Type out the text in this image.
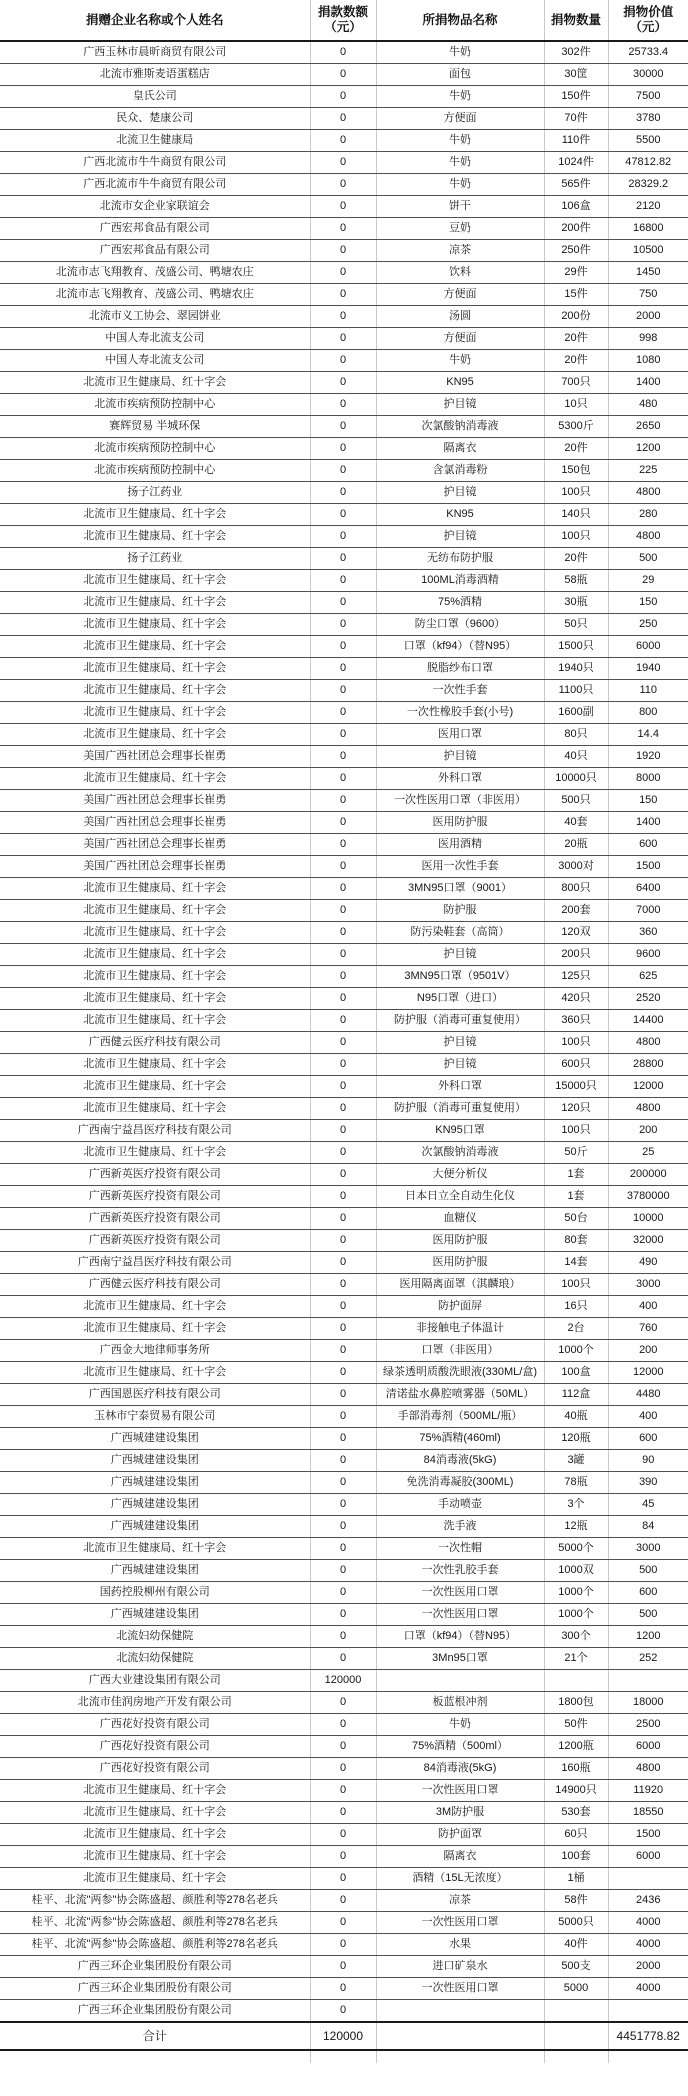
捐赠企业名称或个人姓名	捐款数额（元）	所捐物品名称	捐物数量	捐物价值（元）
广西玉林市晨昕商贸有限公司	0	牛奶	302件	25733.4
北流市雅斯麦语蛋糕店	0	面包	30筐	30000
皇氏公司	0	牛奶	150件	7500
民众、楚康公司	0	方便面	70件	3780
北流卫生健康局	0	牛奶	110件	5500
广西北流市牛牛商贸有限公司	0	牛奶	1024件	47812.82
广西北流市牛牛商贸有限公司	0	牛奶	565件	28329.2
北流市女企业家联谊会	0	饼干	106盒	2120
广西宏邦食品有限公司	0	豆奶	200件	16800
广西宏邦食品有限公司	0	凉茶	250件	10500
北流市志飞翔教育、茂盛公司、鸭塘农庄	0	饮料	29件	1450
北流市志飞翔教育、茂盛公司、鸭塘农庄	0	方便面	15件	750
北流市义工协会、翠园饼业	0	汤圆	200份	2000
中国人寿北流支公司	0	方便面	20件	998
中国人寿北流支公司	0	牛奶	20件	1080
北流市卫生健康局、红十字会	0	KN95	700只	1400
北流市疾病预防控制中心	0	护目镜	10只	480
赛辉贸易 半城环保	0	次氯酸钠消毒液	5300斤	2650
北流市疾病预防控制中心	0	隔离衣	20件	1200
北流市疾病预防控制中心	0	含氯消毒粉	150包	225
扬子江药业	0	护目镜	100只	4800
北流市卫生健康局、红十字会	0	KN95	140只	280
北流市卫生健康局、红十字会	0	护目镜	100只	4800
扬子江药业	0	无纺布防护服	20件	500
北流市卫生健康局、红十字会	0	100ML消毒酒精	58瓶	29
北流市卫生健康局、红十字会	0	75%酒精	30瓶	150
北流市卫生健康局、红十字会	0	防尘口罩（9600）	50只	250
北流市卫生健康局、红十字会	0	口罩（kf94）（替N95）	1500只	6000
北流市卫生健康局、红十字会	0	脱脂纱布口罩	1940只	1940
北流市卫生健康局、红十字会	0	一次性手套	1100只	110
北流市卫生健康局、红十字会	0	一次性橡胶手套(小号)	1600副	800
北流市卫生健康局、红十字会	0	医用口罩	80只	14.4
美国广西社团总会理事长崔勇	0	护目镜	40只	1920
北流市卫生健康局、红十字会	0	外科口罩	10000只	8000
美国广西社团总会理事长崔勇	0	一次性医用口罩（非医用）	500只	150
美国广西社团总会理事长崔勇	0	医用防护服	40套	1400
美国广西社团总会理事长崔勇	0	医用酒精	20瓶	600
美国广西社团总会理事长崔勇	0	医用一次性手套	3000对	1500
北流市卫生健康局、红十字会	0	3MN95口罩（9001）	800只	6400
北流市卫生健康局、红十字会	0	防护服	200套	7000
北流市卫生健康局、红十字会	0	防污染鞋套（高筒）	120双	360
北流市卫生健康局、红十字会	0	护目镜	200只	9600
北流市卫生健康局、红十字会	0	3MN95口罩（9501V）	125只	625
北流市卫生健康局、红十字会	0	N95口罩（进口）	420只	2520
北流市卫生健康局、红十字会	0	防护服（消毒可重复使用）	360只	14400
广西健云医疗科技有限公司	0	护目镜	100只	4800
北流市卫生健康局、红十字会	0	护目镜	600只	28800
北流市卫生健康局、红十字会	0	外科口罩	15000只	12000
北流市卫生健康局、红十字会	0	防护服（消毒可重复使用）	120只	4800
广西南宁益昌医疗科技有限公司	0	KN95口罩	100只	200
北流市卫生健康局、红十字会	0	次氯酸钠消毒液	50斤	25
广西新英医疗投资有限公司	0	大便分析仪	1套	200000
广西新英医疗投资有限公司	0	日本日立全自动生化仪	1套	3780000
广西新英医疗投资有限公司	0	血糖仪	50台	10000
广西新英医疗投资有限公司	0	医用防护服	80套	32000
广西南宁益昌医疗科技有限公司	0	医用防护服	14套	490
广西健云医疗科技有限公司	0	医用隔离面罩（淇麟琅）	100只	3000
北流市卫生健康局、红十字会	0	防护面屏	16只	400
北流市卫生健康局、红十字会	0	非接触电子体温计	2台	760
广西金大地律师事务所	0	口罩（非医用）	1000个	200
北流市卫生健康局、红十字会	0	绿茶透明质酸洗眼液(330ML/盒)	100盒	12000
广西国恩医疗科技有限公司	0	清诺盐水鼻腔喷雾器（50ML）	112盒	4480
玉林市宁泰贸易有限公司	0	手部消毒剂（500ML/瓶）	40瓶	400
广西城建建设集团	0	75%酒精(460ml)	120瓶	600
广西城建建设集团	0	84消毒液(5kG)	3罐	90
广西城建建设集团	0	免洗消毒凝胶(300ML)	78瓶	390
广西城建建设集团	0	手动喷壶	3个	45
广西城建建设集团	0	洗手液	12瓶	84
北流市卫生健康局、红十字会	0	一次性帽	5000个	3000
广西城建建设集团	0	一次性乳胶手套	1000双	500
国药控股柳州有限公司	0	一次性医用口罩	1000个	600
广西城建建设集团	0	一次性医用口罩	1000个	500
北流妇幼保健院	0	口罩（kf94）（替N95）	300个	1200
北流妇幼保健院	0	3Mn95口罩	21个	252
广西大业建设集团有限公司	120000			
北流市佳润房地产开发有限公司	0	板蓝根冲剂	1800包	18000
广西花好投资有限公司	0	牛奶	50件	2500
广西花好投资有限公司	0	75%酒精（500ml）	1200瓶	6000
广西花好投资有限公司	0	84消毒液(5kG)	160瓶	4800
北流市卫生健康局、红十字会	0	一次性医用口罩	14900只	11920
北流市卫生健康局、红十字会	0	3M防护服	530套	18550
北流市卫生健康局、红十字会	0	防护面罩	60只	1500
北流市卫生健康局、红十字会	0	隔离衣	100套	6000
北流市卫生健康局、红十字会	0	酒精（15L无浓度）	1桶	
桂平、北流"两参"协会陈盛超、颜胜利等278名老兵	0	凉茶	58件	2436
桂平、北流"两参"协会陈盛超、颜胜利等278名老兵	0	一次性医用口罩	5000只	4000
桂平、北流"两参"协会陈盛超、颜胜利等278名老兵	0	水果	40件	4000
广西三环企业集团股份有限公司	0	进口矿泉水	500支	2000
广西三环企业集团股份有限公司	0	一次性医用口罩	5000	4000
广西三环企业集团股份有限公司	0			
合计	120000			4451778.82
